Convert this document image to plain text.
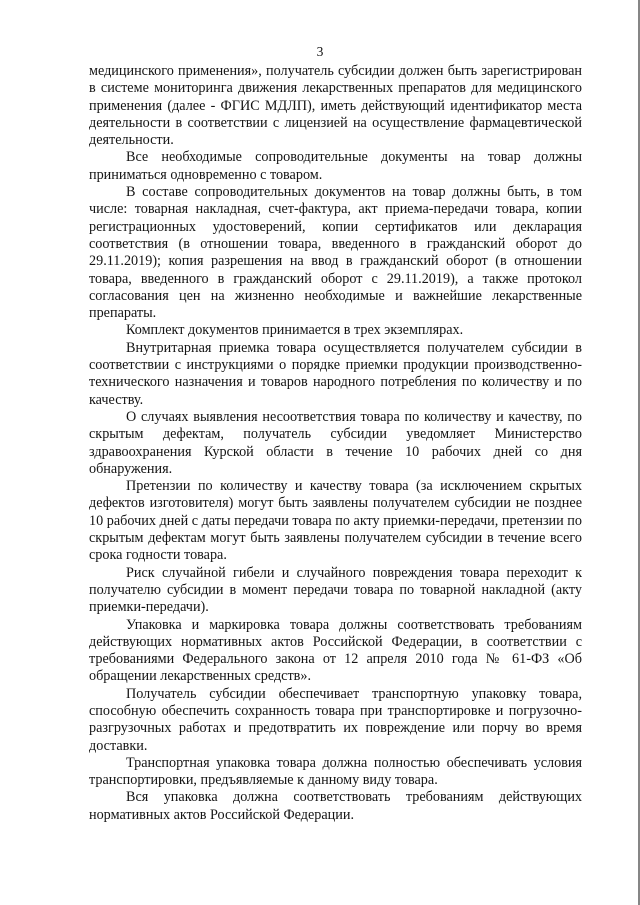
3

медицинского применения», получатель субсидии должен быть зарегистрирован в системе мониторинга движения лекарственных препаратов для медицинского применения (далее - ФГИС МДЛП), иметь действующий идентификатор места деятельности в соответствии с лицензией на осуществление фармацевтической деятельности.

Все необходимые сопроводительные документы на товар должны приниматься одновременно с товаром.

В составе сопроводительных документов на товар должны быть, в том числе: товарная накладная, счет-фактура, акт приема-передачи товара, копии регистрационных удостоверений, копии сертификатов или декларация соответствия (в отношении товара, введенного в гражданский оборот до 29.11.2019); копия разрешения на ввод в гражданский оборот (в отношении товара, введенного в гражданский оборот с 29.11.2019), а также протокол согласования цен на жизненно необходимые и важнейшие лекарственные препараты.

Комплект документов принимается в трех экземплярах.

Внутритарная приемка товара осуществляется получателем субсидии в соответствии с инструкциями о порядке приемки продукции производственно-технического назначения и товаров народного потребления по количеству и по качеству.

О случаях выявления несоответствия товара по количеству и качеству, по скрытым дефектам, получатель субсидии уведомляет Министерство здравоохранения Курской области в течение 10 рабочих дней со дня обнаружения.

Претензии по количеству и качеству товара (за исключением скрытых дефектов изготовителя) могут быть заявлены получателем субсидии не позднее 10 рабочих дней с даты передачи товара по акту приемки-передачи, претензии по скрытым дефектам могут быть заявлены получателем субсидии в течение всего срока годности товара.

Риск случайной гибели и случайного повреждения товара переходит к получателю субсидии в момент передачи товара по товарной накладной (акту приемки-передачи).

Упаковка и маркировка товара должны соответствовать требованиям действующих нормативных актов Российской Федерации, в соответствии с требованиями Федерального закона от 12 апреля 2010 года № 61-ФЗ «Об обращении лекарственных средств».

Получатель субсидии обеспечивает транспортную упаковку товара, способную обеспечить сохранность товара при транспортировке и погрузочно-разгрузочных работах и предотвратить их повреждение или порчу во время доставки.

Транспортная упаковка товара должна полностью обеспечивать условия транспортировки, предъявляемые к данному виду товара.

Вся упаковка должна соответствовать требованиям действующих нормативных актов Российской Федерации.
